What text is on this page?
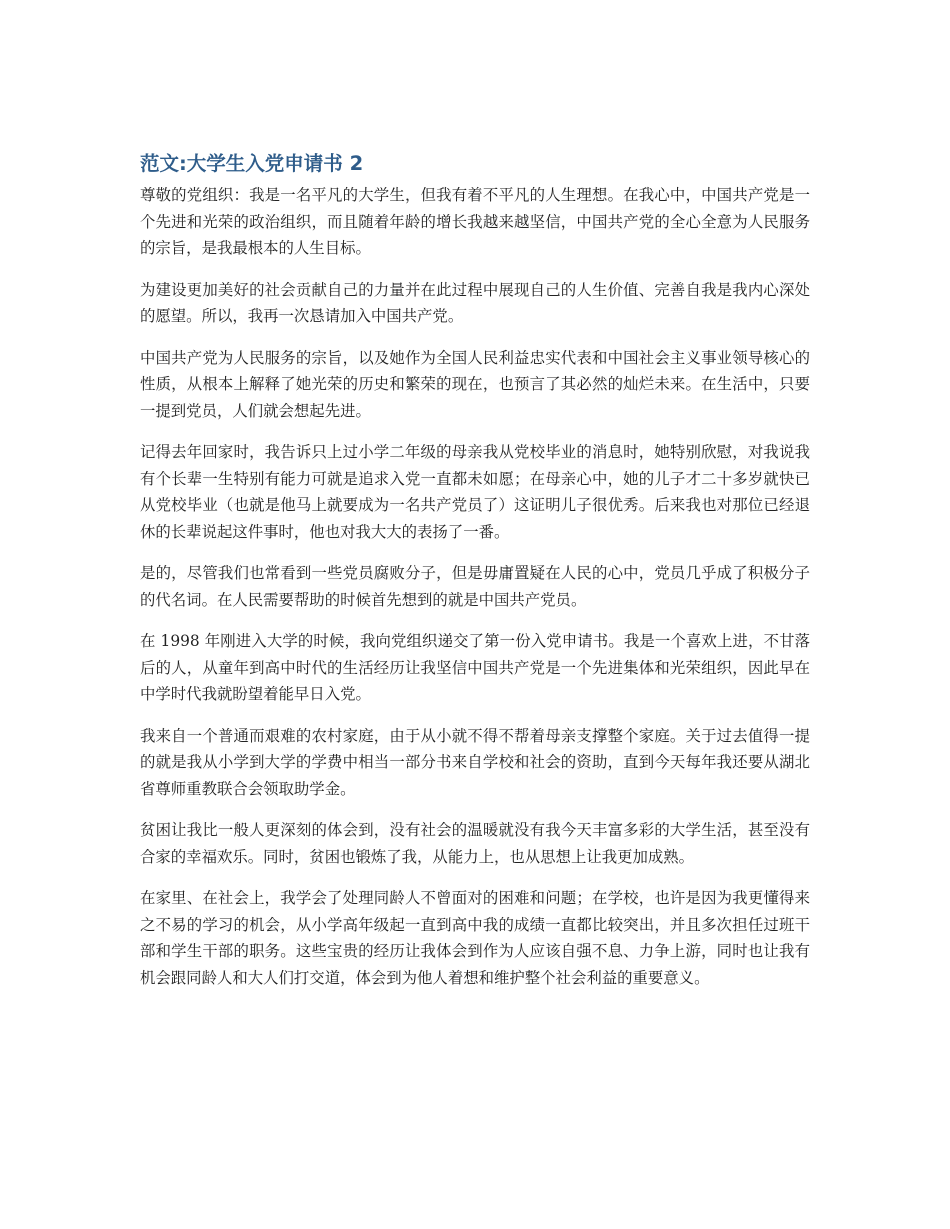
范文:大学生入党申请书 2

尊敬的党组织：我是一名平凡的大学生，但我有着不平凡的人生理想。在我心中，中国共产党是一个先进和光荣的政治组织，而且随着年龄的增长我越来越坚信，中国共产党的全心全意为人民服务的宗旨，是我最根本的人生目标。

为建设更加美好的社会贡献自己的力量并在此过程中展现自己的人生价值、完善自我是我内心深处的愿望。所以，我再一次恳请加入中国共产党。

中国共产党为人民服务的宗旨，以及她作为全国人民利益忠实代表和中国社会主义事业领导核心的性质，从根本上解释了她光荣的历史和繁荣的现在，也预言了其必然的灿烂未来。在生活中，只要一提到党员，人们就会想起先进。

记得去年回家时，我告诉只上过小学二年级的母亲我从党校毕业的消息时，她特别欣慰，对我说我有个长辈一生特别有能力可就是追求入党一直都未如愿；在母亲心中，她的儿子才二十多岁就快已从党校毕业（也就是他马上就要成为一名共产党员了）这证明儿子很优秀。后来我也对那位已经退休的长辈说起这件事时，他也对我大大的表扬了一番。

是的，尽管我们也常看到一些党员腐败分子，但是毋庸置疑在人民的心中，党员几乎成了积极分子的代名词。在人民需要帮助的时候首先想到的就是中国共产党员。

在 1998 年刚进入大学的时候，我向党组织递交了第一份入党申请书。我是一个喜欢上进，不甘落后的人，从童年到高中时代的生活经历让我坚信中国共产党是一个先进集体和光荣组织，因此早在中学时代我就盼望着能早日入党。

我来自一个普通而艰难的农村家庭，由于从小就不得不帮着母亲支撑整个家庭。关于过去值得一提的就是我从小学到大学的学费中相当一部分书来自学校和社会的资助，直到今天每年我还要从湖北省尊师重教联合会领取助学金。

贫困让我比一般人更深刻的体会到，没有社会的温暖就没有我今天丰富多彩的大学生活，甚至没有合家的幸福欢乐。同时，贫困也锻炼了我，从能力上，也从思想上让我更加成熟。

在家里、在社会上，我学会了处理同龄人不曾面对的困难和问题；在学校，也许是因为我更懂得来之不易的学习的机会，从小学高年级起一直到高中我的成绩一直都比较突出，并且多次担任过班干部和学生干部的职务。这些宝贵的经历让我体会到作为人应该自强不息、力争上游，同时也让我有机会跟同龄人和大人们打交道，体会到为他人着想和维护整个社会利益的重要意义。
